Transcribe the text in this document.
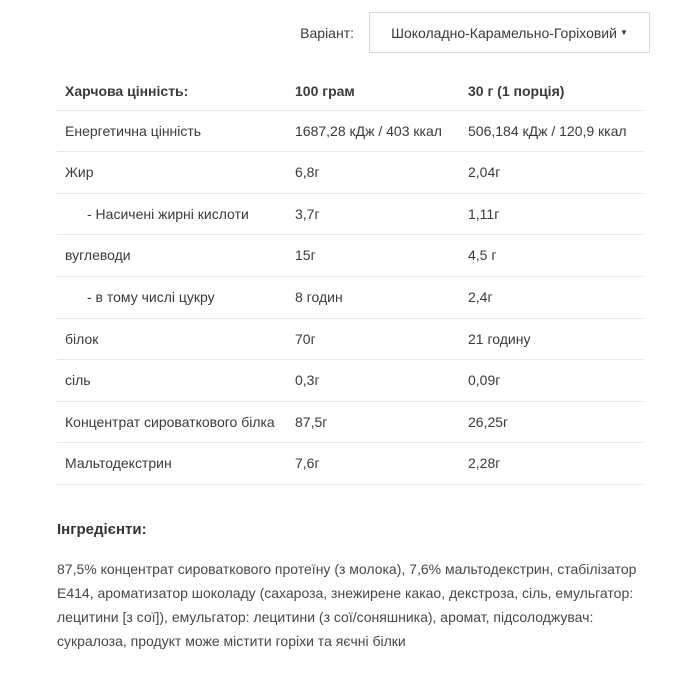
Варіант:	Шоколадно-Карамельно-Горіховий ▼
Харчова цінність:	100 грам	30 г (1 порція)
Енергетична цінність	1687,28 кДж / 403 ккал	506,184 кДж / 120,9 ккал
Жир	6,8г	2,04г
- Насичені жирні кислоти	3,7г	1,11г
вуглеводи	15г	4,5 г
- в тому числі цукру	8 годин	2,4г
білок	70г	21 годину
сіль	0,3г	0,09г
Концентрат сироваткового білка	87,5г	26,25г
Мальтодекстрин	7,6г	2,28г
Інгредієнти:

87,5% концентрат сироваткового протеїну (з молока), 7,6% мальтодекстрин, стабілізатор Е414, ароматизатор шоколаду (сахароза, знежирене какао, декстроза, сіль, емульгатор: лецитини [з сої]), емульгатор: лецитини (з сої/соняшника), аромат, підсолоджувач: сукралоза, продукт може містити горіхи та яєчні білки
